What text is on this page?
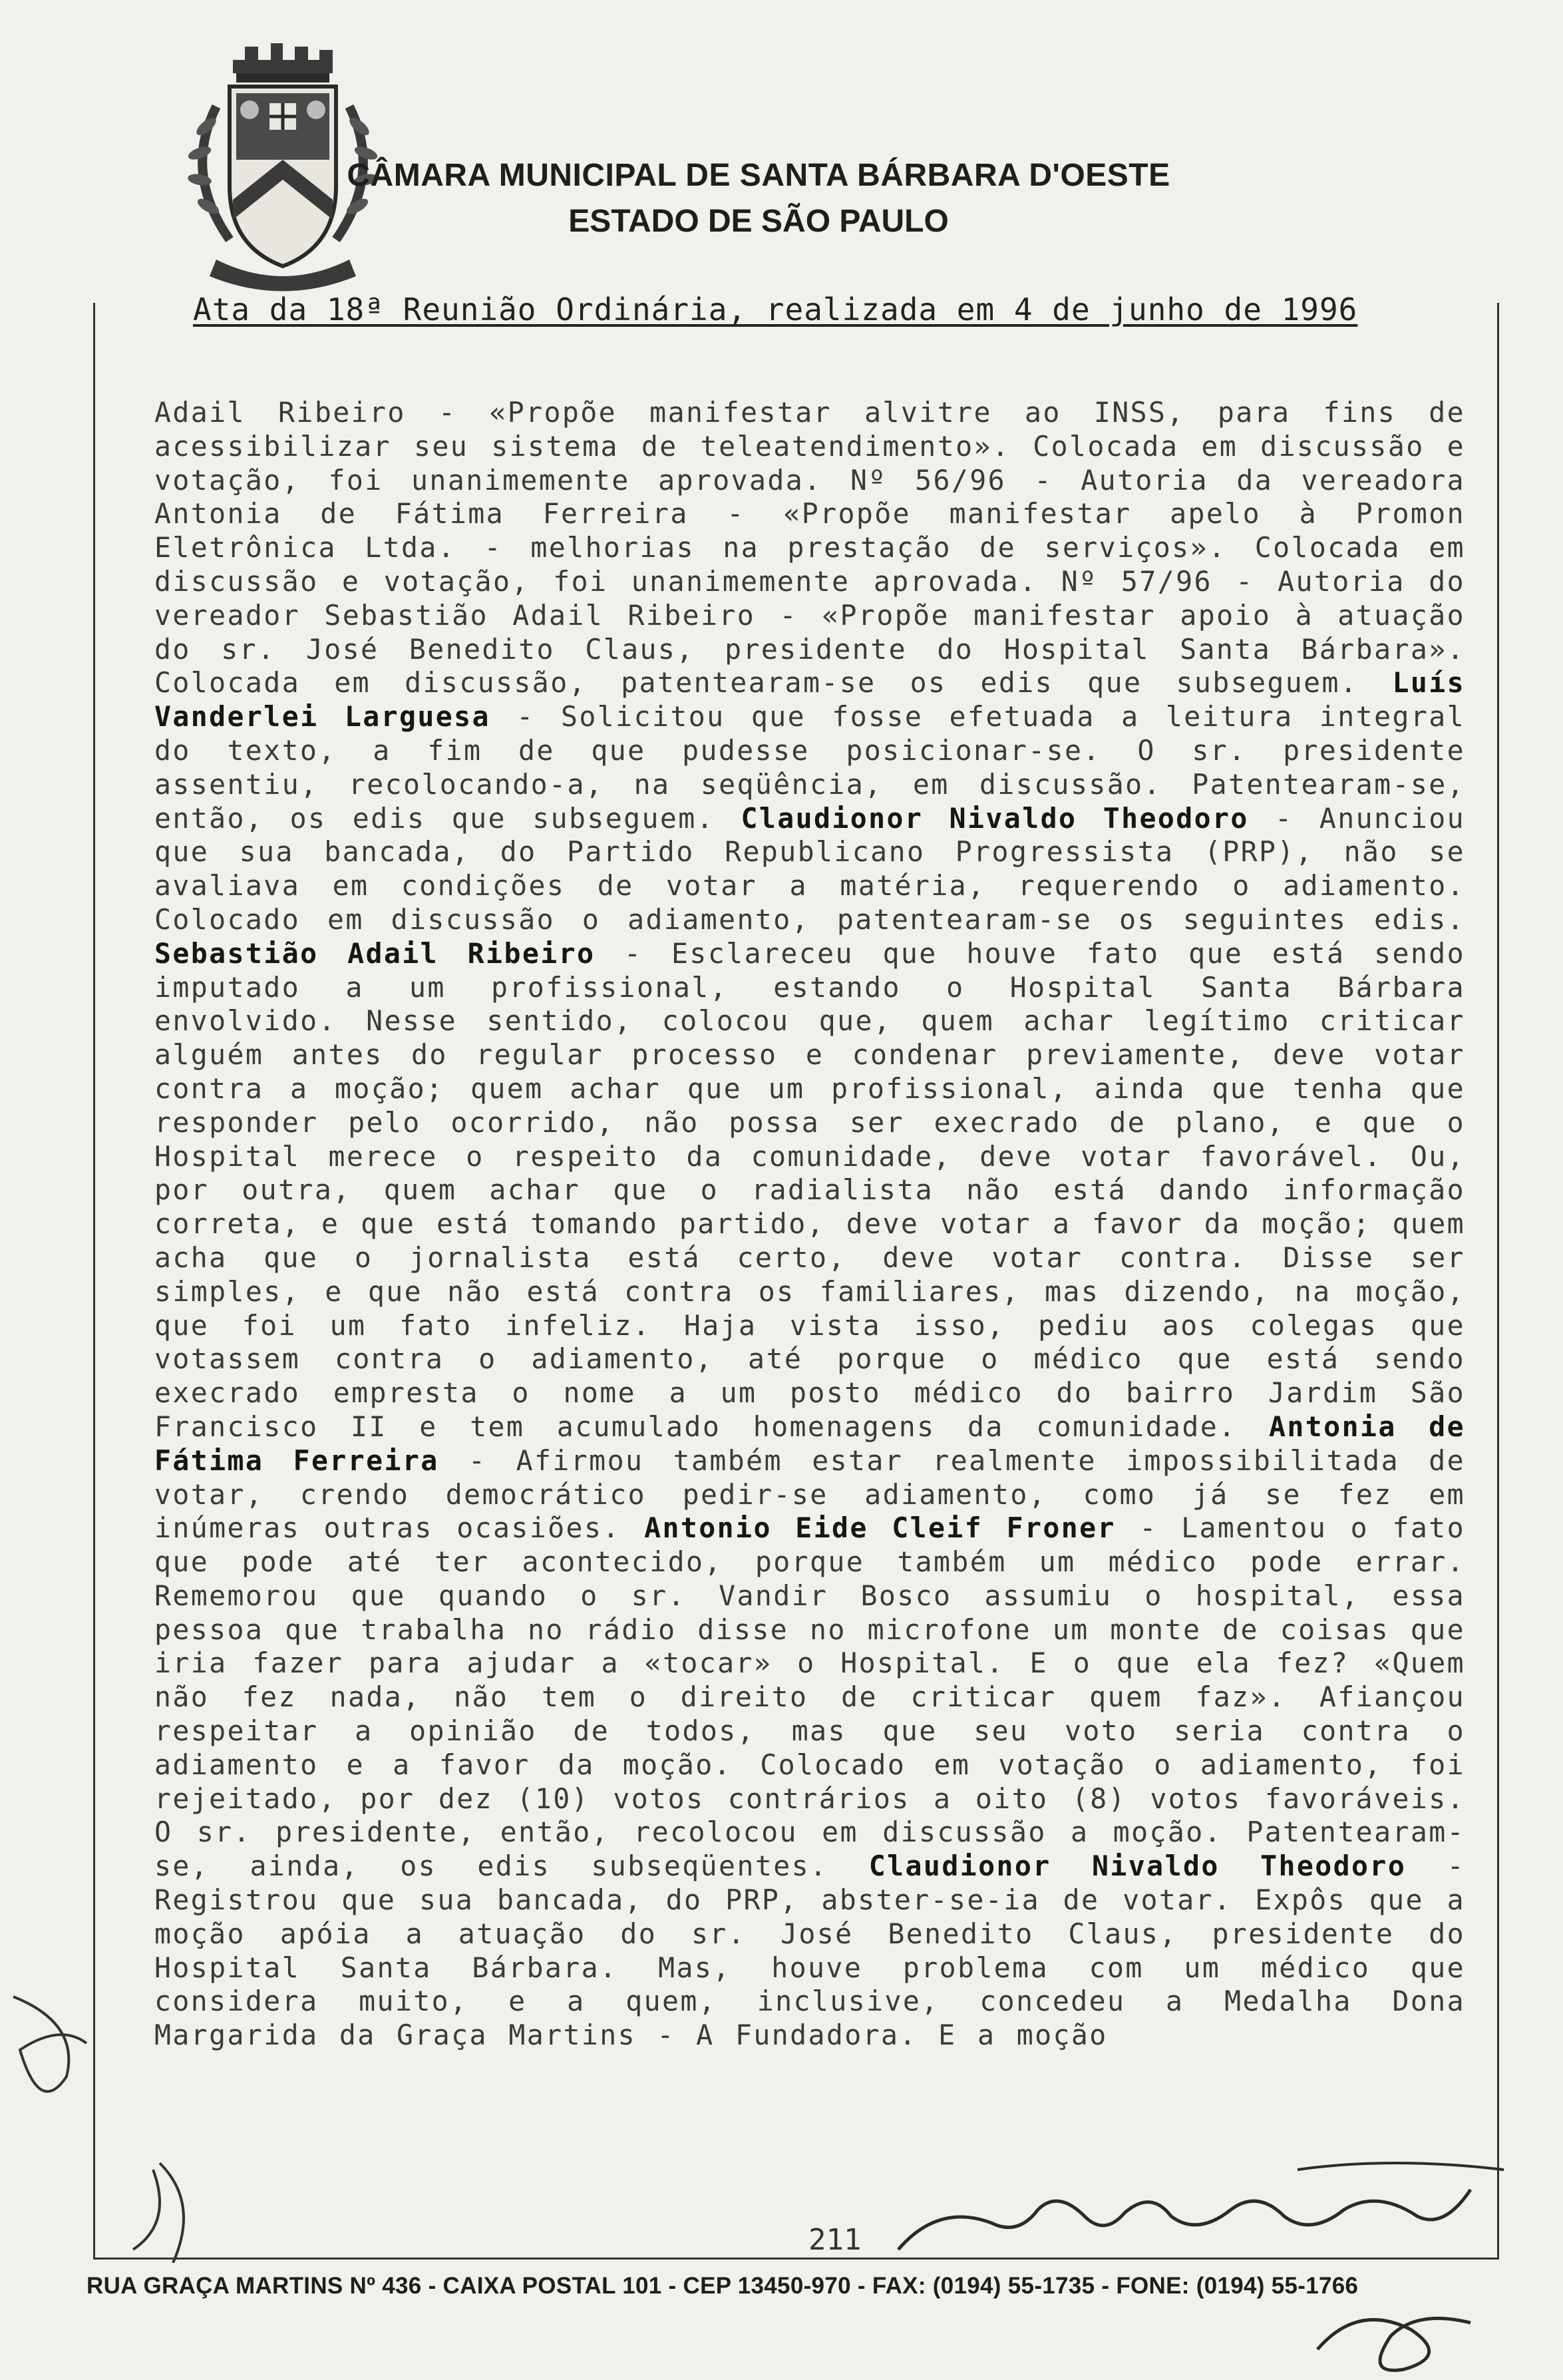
CÂMARA MUNICIPAL DE SANTA BÁRBARA D'OESTE
ESTADO DE SÃO PAULO
Ata da 18ª Reunião Ordinária, realizada em 4 de junho de 1996
Adail Ribeiro - «Propõe manifestar alvitre ao INSS, para fins de acessibilizar seu sistema de teleatendimento». Colocada em discussão e votação, foi unanimemente aprovada. Nº 56/96 - Autoria da vereadora Antonia de Fátima Ferreira - «Propõe manifestar apelo à Promon Eletrônica Ltda. - melhorias na prestação de serviços». Colocada em discussão e votação, foi unanimemente aprovada. Nº 57/96 - Autoria do vereador Sebastião Adail Ribeiro - «Propõe manifestar apoio à atuação do sr. José Benedito Claus, presidente do Hospital Santa Bárbara». Colocada em discussão, patentearam-se os edis que subseguem. Luís Vanderlei Larguesa - Solicitou que fosse efetuada a leitura integral do texto, a fim de que pudesse posicionar-se. O sr. presidente assentiu, recolocando-a, na seqüência, em discussão. Patentearam-se, então, os edis que subseguem. Claudionor Nivaldo Theodoro - Anunciou que sua bancada, do Partido Republicano Progressista (PRP), não se avaliava em condições de votar a matéria, requerendo o adiamento. Colocado em discussão o adiamento, patentearam-se os seguintes edis. Sebastião Adail Ribeiro - Esclareceu que houve fato que está sendo imputado a um profissional, estando o Hospital Santa Bárbara envolvido. Nesse sentido, colocou que, quem achar legítimo criticar alguém antes do regular processo e condenar previamente, deve votar contra a moção; quem achar que um profissional, ainda que tenha que responder pelo ocorrido, não possa ser execrado de plano, e que o Hospital merece o respeito da comunidade, deve votar favorável. Ou, por outra, quem achar que o radialista não está dando informação correta, e que está tomando partido, deve votar a favor da moção; quem acha que o jornalista está certo, deve votar contra. Disse ser simples, e que não está contra os familiares, mas dizendo, na moção, que foi um fato infeliz. Haja vista isso, pediu aos colegas que votassem contra o adiamento, até porque o médico que está sendo execrado empresta o nome a um posto médico do bairro Jardim São Francisco II e tem acumulado homenagens da comunidade. Antonia de Fátima Ferreira - Afirmou também estar realmente impossibilitada de votar, crendo democrático pedir-se adiamento, como já se fez em inúmeras outras ocasiões. Antonio Eide Cleif Froner - Lamentou o fato que pode até ter acontecido, porque também um médico pode errar. Rememorou que quando o sr. Vandir Bosco assumiu o hospital, essa pessoa que trabalha no rádio disse no microfone um monte de coisas que iria fazer para ajudar a «tocar» o Hospital. E o que ela fez? «Quem não fez nada, não tem o direito de criticar quem faz». Afiançou respeitar a opinião de todos, mas que seu voto seria contra o adiamento e a favor da moção. Colocado em votação o adiamento, foi rejeitado, por dez (10) votos contrários a oito (8) votos favoráveis. O sr. presidente, então, recolocou em discussão a moção. Patentearam-se, ainda, os edis subseqüentes. Claudionor Nivaldo Theodoro - Registrou que sua bancada, do PRP, abster-se-ia de votar. Expôs que a moção apóia a atuação do sr. José Benedito Claus, presidente do Hospital Santa Bárbara. Mas, houve problema com um médico que considera muito, e a quem, inclusive, concedeu a Medalha Dona Margarida da Graça Martins - A Fundadora. E a moção
211
RUA GRAÇA MARTINS Nº 436 - CAIXA POSTAL 101 - CEP 13450-970 - FAX: (0194) 55-1735 - FONE: (0194) 55-1766
